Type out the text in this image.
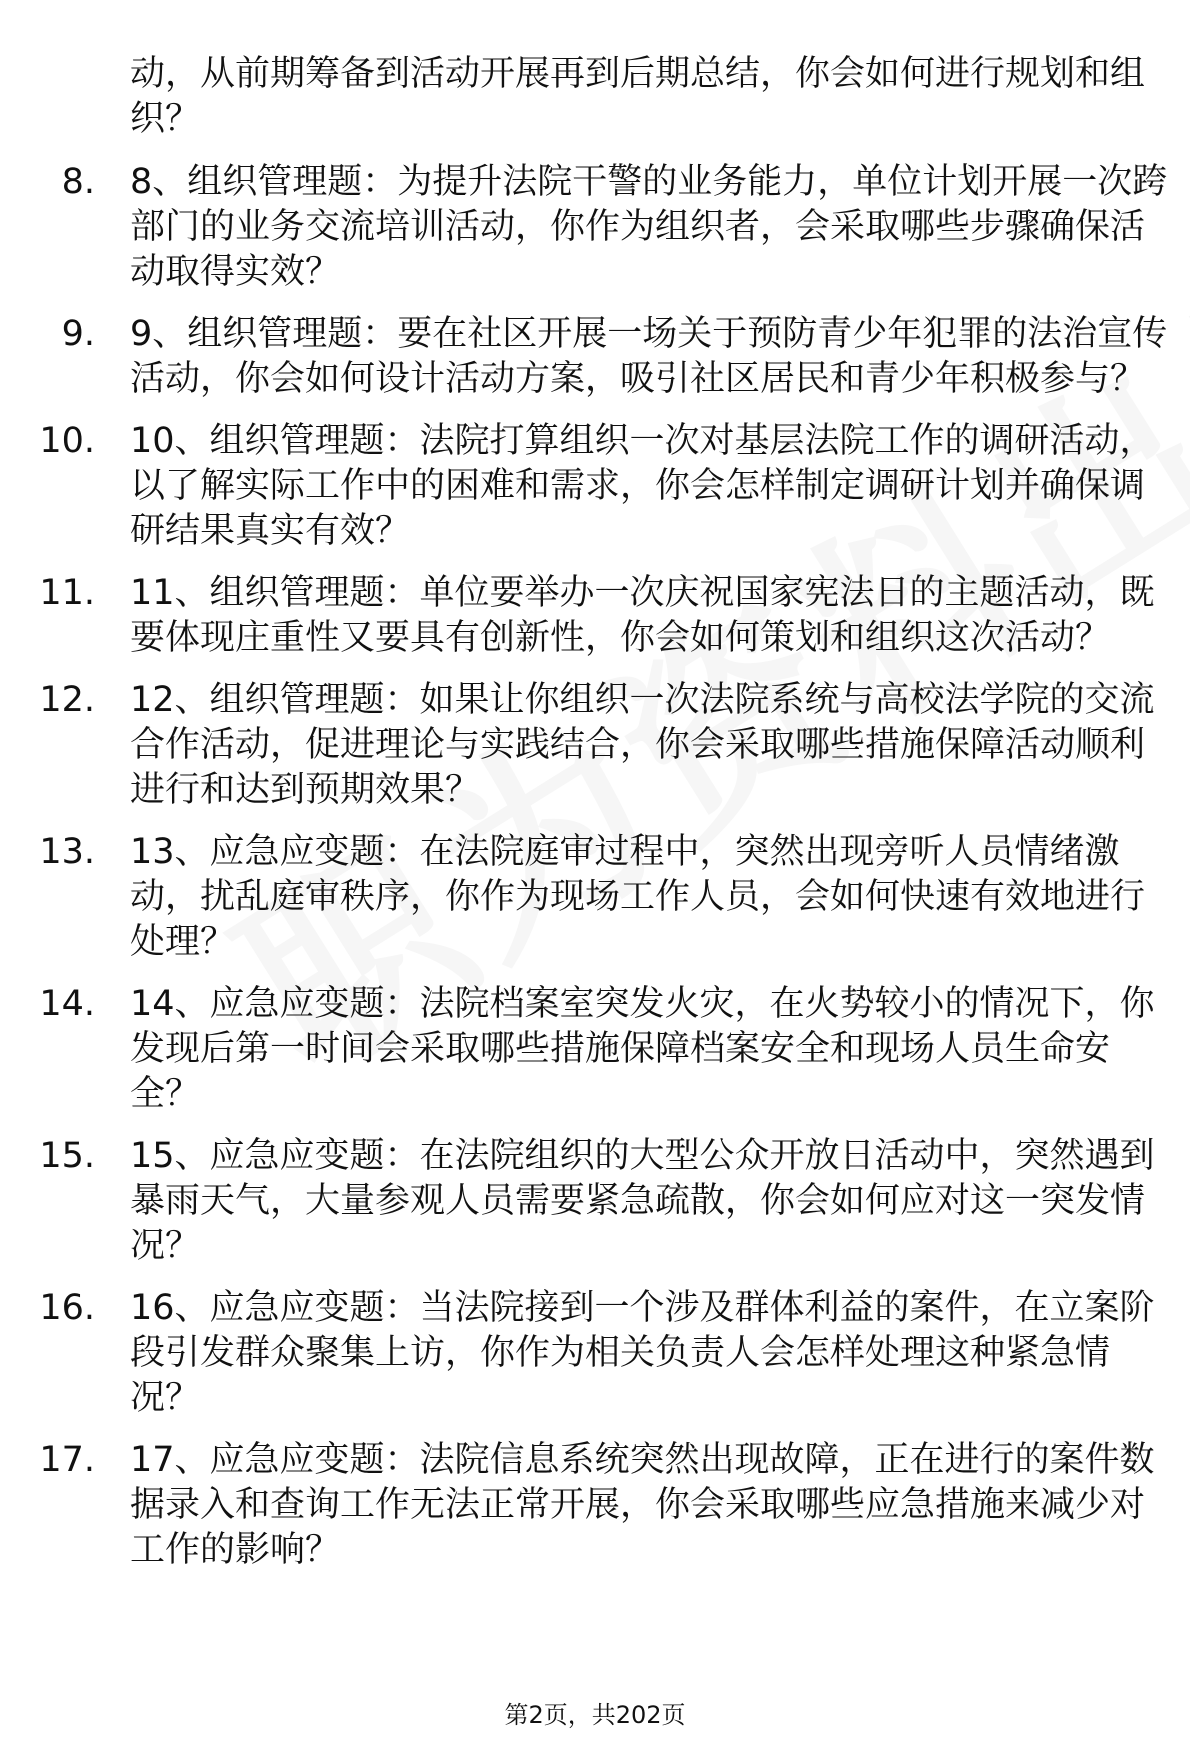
动，从前期筹备到活动开展再到后期总结，你会如何进行规划和组织？

8. 8、组织管理题：为提升法院干警的业务能力，单位计划开展一次跨部门的业务交流培训活动，你作为组织者，会采取哪些步骤确保活动取得实效？
9. 9、组织管理题：要在社区开展一场关于预防青少年犯罪的法治宣传活动，你会如何设计活动方案，吸引社区居民和青少年积极参与？
10. 10、组织管理题：法院打算组织一次对基层法院工作的调研活动，以了解实际工作中的困难和需求，你会怎样制定调研计划并确保调研结果真实有效？
11. 11、组织管理题：单位要举办一次庆祝国家宪法日的主题活动，既要体现庄重性又要具有创新性，你会如何策划和组织这次活动？
12. 12、组织管理题：如果让你组织一次法院系统与高校法学院的交流合作活动，促进理论与实践结合，你会采取哪些措施保障活动顺利进行和达到预期效果？
13. 13、应急应变题：在法院庭审过程中，突然出现旁听人员情绪激动，扰乱庭审秩序，你作为现场工作人员，会如何快速有效地进行处理？
14. 14、应急应变题：法院档案室突发火灾，在火势较小的情况下，你发现后第一时间会采取哪些措施保障档案安全和现场人员生命安全？
15. 15、应急应变题：在法院组织的大型公众开放日活动中，突然遇到暴雨天气，大量参观人员需要紧急疏散，你会如何应对这一突发情况？
16. 16、应急应变题：当法院接到一个涉及群体利益的案件，在立案阶段引发群众聚集上访，你作为相关负责人会怎样处理这种紧急情况？
17. 17、应急应变题：法院信息系统突然出现故障，正在进行的案件数据录入和查询工作无法正常开展，你会采取哪些应急措施来减少对工作的影响？
第2页，共202页
